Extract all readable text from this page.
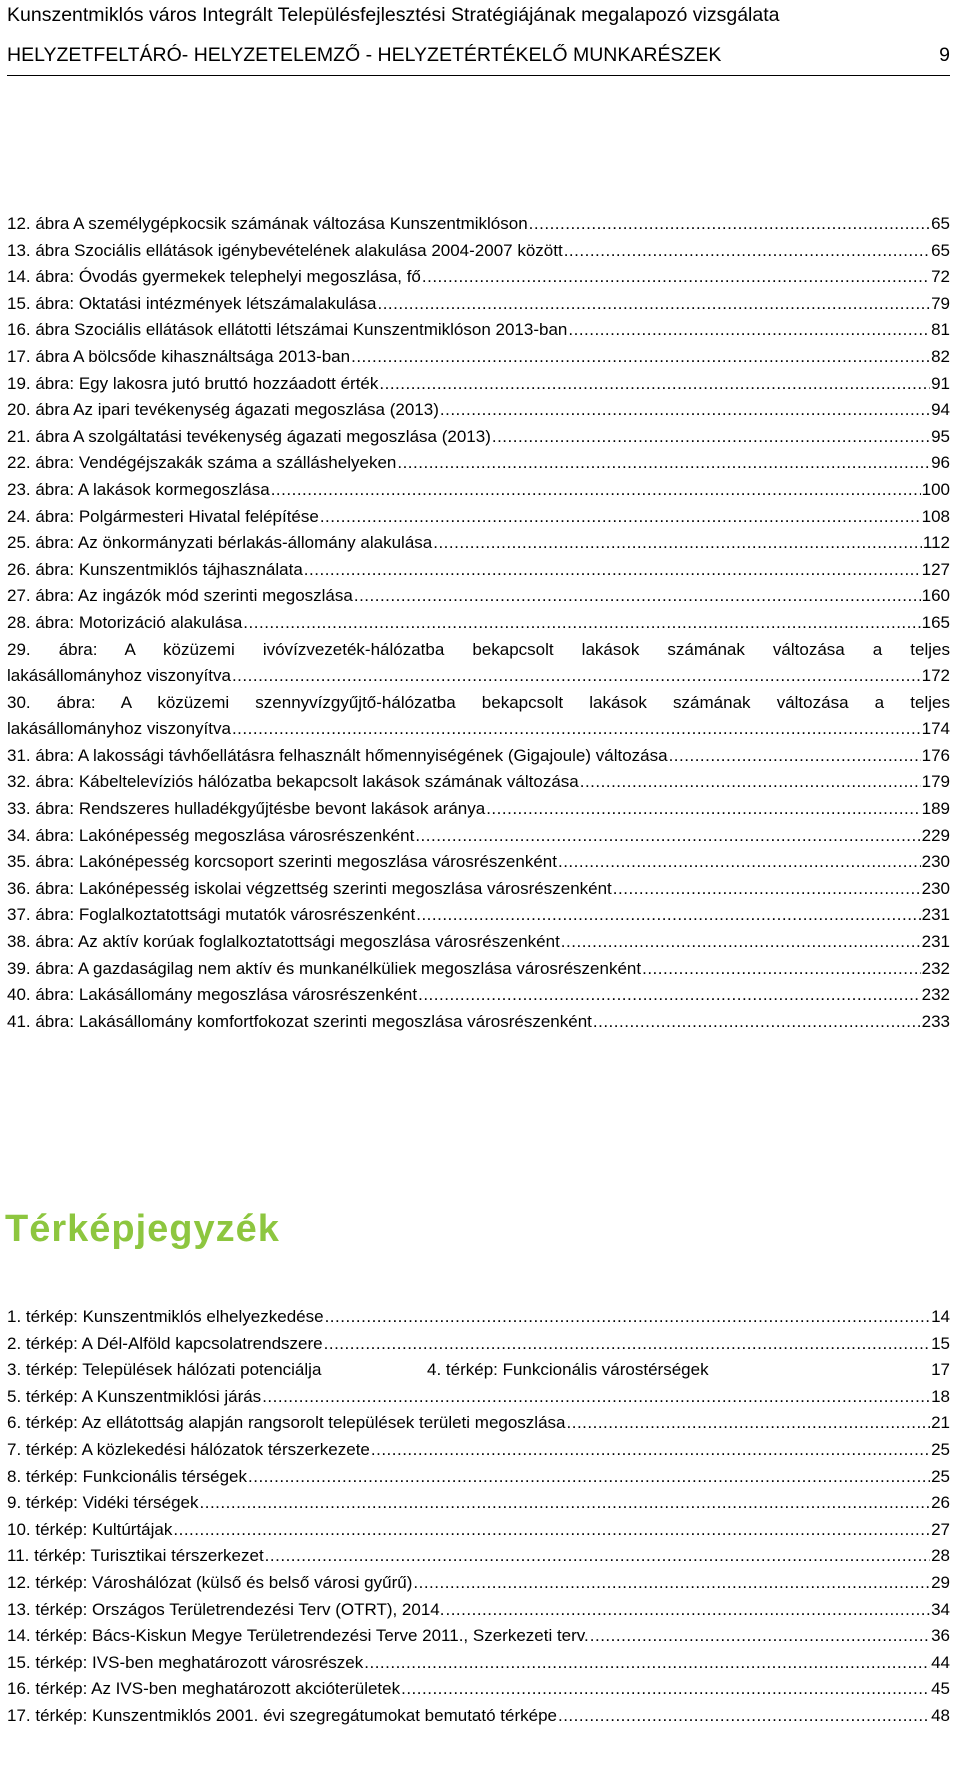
Kunszentmiklós város Integrált Településfejlesztési Stratégiájának megalapozó vizsgálata
HELYZETFELTÁRÓ- HELYZETELEMZŐ - HELYZETÉRTÉKELŐ MUNKARÉSZEK	9
12. ábra A személygépkocsik számának változása Kunszentmiklóson .....	65
13. ábra Szociális ellátások igénybevételének alakulása 2004-2007 között .....	65
14. ábra: Óvodás gyermekek telephelyi megoszlása, fő .....	72
15. ábra: Oktatási intézmények létszámalakulása .....	79
16. ábra Szociális ellátások ellátotti létszámai Kunszentmiklóson 2013-ban .....	81
17. ábra A bölcsőde kihasználtsága 2013-ban .....	82
19. ábra: Egy lakosra jutó bruttó hozzáadott érték .....	91
20. ábra Az ipari tevékenység ágazati megoszlása (2013) .....	94
21. ábra A szolgáltatási tevékenység ágazati megoszlása (2013) .....	95
22. ábra: Vendégéjszakák száma a szálláshelyeken .....	96
23. ábra: A lakások kormegoszlása .....	100
24. ábra: Polgármesteri Hivatal felépítése .....	108
25. ábra: Az önkormányzati bérlakás-állomány alakulása .....	112
26. ábra: Kunszentmiklós tájhasználata .....	127
27. ábra: Az ingázók mód szerinti megoszlása .....	160
28. ábra: Motorizáció alakulása .....	165
29. ábra: A közüzemi ivóvízvezeték-hálózatba bekapcsolt lakások számának változása a teljes
lakásállományhoz viszonyítva .....	172
30. ábra: A közüzemi szennyvízgyűjtő-hálózatba bekapcsolt lakások számának változása a teljes
lakásállományhoz viszonyítva .....	174
31. ábra: A lakossági távhőellátásra felhasznált hőmennyiségének (Gigajoule) változása .....	176
32. ábra: Kábeltelevíziós hálózatba bekapcsolt lakások számának változása .....	179
33. ábra: Rendszeres hulladékgyűjtésbe bevont lakások aránya .....	189
34. ábra: Lakónépesség megoszlása városrészenként .....	229
35. ábra: Lakónépesség korcsoport szerinti megoszlása városrészenként .....	230
36. ábra: Lakónépesség iskolai végzettség szerinti megoszlása városrészenként .....	230
37. ábra: Foglalkoztatottsági mutatók városrészenként .....	231
38. ábra: Az aktív korúak foglalkoztatottsági megoszlása városrészenként .....	231
39. ábra: A gazdaságilag nem aktív és munkanélküliek megoszlása városrészenként .....	232
40. ábra: Lakásállomány megoszlása városrészenként .....	232
41. ábra: Lakásállomány komfortfokozat szerinti megoszlása városrészenként .....	233
Térképjegyzék
1. térkép: Kunszentmiklós elhelyezkedése .....	14
2. térkép: A Dél-Alföld kapcsolatrendszere .....	15
3. térkép: Települések hálózati potenciálja	4. térkép: Funkcionális várostérségek	17
5. térkép: A Kunszentmiklósi járás .....	18
6. térkép: Az ellátottság alapján rangsorolt települések területi megoszlása .....	21
7. térkép: A közlekedési hálózatok térszerkezete .....	25
8. térkép: Funkcionális térségek .....	25
9. térkép: Vidéki térségek .....	26
10. térkép: Kultúrtájak .....	27
11. térkép: Turisztikai térszerkezet .....	28
12. térkép: Városhálózat (külső és belső városi gyűrű) .....	29
13. térkép: Országos Területrendezési Terv (OTRT), 2014. .....	34
14. térkép: Bács-Kiskun Megye Területrendezési Terve 2011., Szerkezeti terv. .....	36
15. térkép: IVS-ben meghatározott városrészek .....	44
16. térkép: Az IVS-ben meghatározott akcióterületek .....	45
17. térkép: Kunszentmiklós 2001. évi szegregátumokat bemutató térképe .....	48
